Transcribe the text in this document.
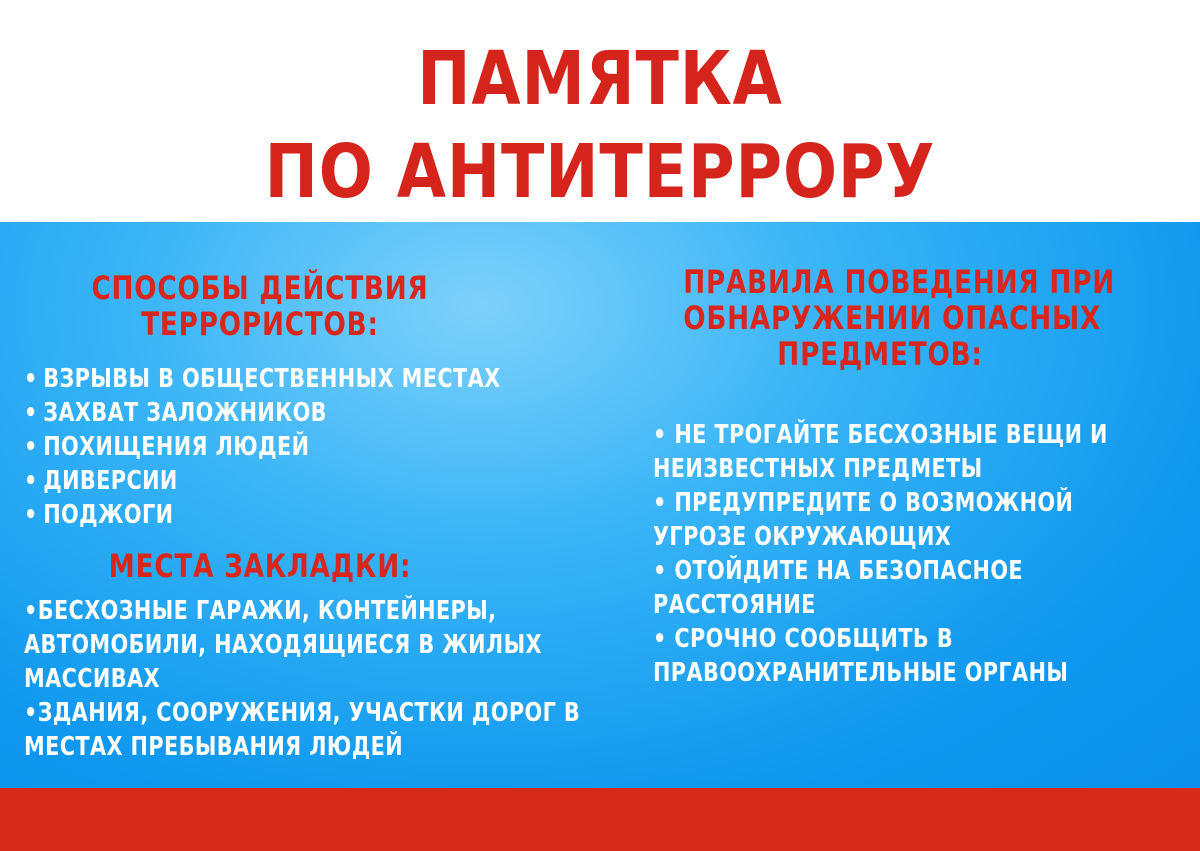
ПАМЯТКА
ПО АНТИТЕРРОРУ

СПОСОБЫ ДЕЙСТВИЯ

ТЕРРОРИСТОВ:

• ВЗРЫВЫ В ОБЩЕСТВЕННЫХ МЕСТАХ
• ЗАХВАТ ЗАЛОЖНИКОВ
• ПОХИЩЕНИЯ ЛЮДЕЙ
• ДИВЕРСИИ
• ПОДЖОГИ

МЕСТА ЗАКЛАДКИ:

•БЕСХОЗНЫЕ ГАРАЖИ, КОНТЕЙНЕРЫ,

АВТОМОБИЛИ, НАХОДЯЩИЕСЯ В ЖИЛЫХ

МАССИВАХ

•ЗДАНИЯ, СООРУЖЕНИЯ, УЧАСТКИ ДОРОГ В

МЕСТАХ ПРЕБЫВАНИЯ ЛЮДЕЙ

ПРАВИЛА ПОВЕДЕНИЯ ПРИ

ОБНАРУЖЕНИИ ОПАСНЫХ

ПРЕДМЕТОВ:

• НЕ ТРОГАЙТЕ БЕСХОЗНЫЕ ВЕЩИ И

НЕИЗВЕСТНЫХ ПРЕДМЕТЫ

• ПРЕДУПРЕДИТЕ О ВОЗМОЖНОЙ

УГРОЗЕ ОКРУЖАЮЩИХ

• ОТОЙДИТЕ НА БЕЗОПАСНОЕ

РАССТОЯНИЕ

• СРОЧНО СООБЩИТЬ В

ПРАВООХРАНИТЕЛЬНЫЕ ОРГАНЫ
